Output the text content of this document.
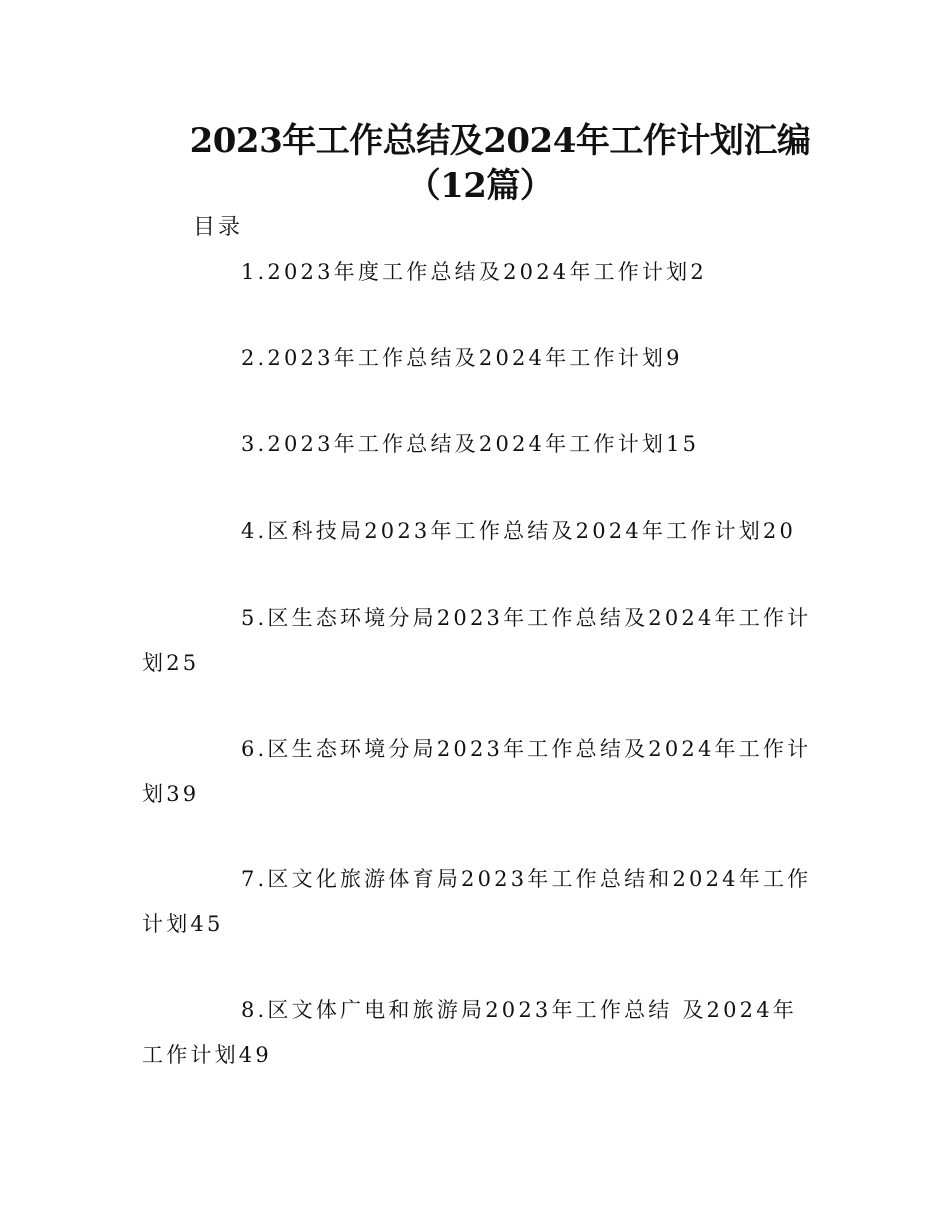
2023年工作总结及2024年工作计划汇编
（12篇）
目录
1.2023年度工作总结及2024年工作计划2
2.2023年工作总结及2024年工作计划9
3.2023年工作总结及2024年工作计划15
4.区科技局2023年工作总结及2024年工作计划20
5.区生态环境分局2023年工作总结及2024年工作计
划25
6.区生态环境分局2023年工作总结及2024年工作计
划39
7.区文化旅游体育局2023年工作总结和2024年工作
计划45
8.区文体广电和旅游局2023年工作总结 及2024年
工作计划49
